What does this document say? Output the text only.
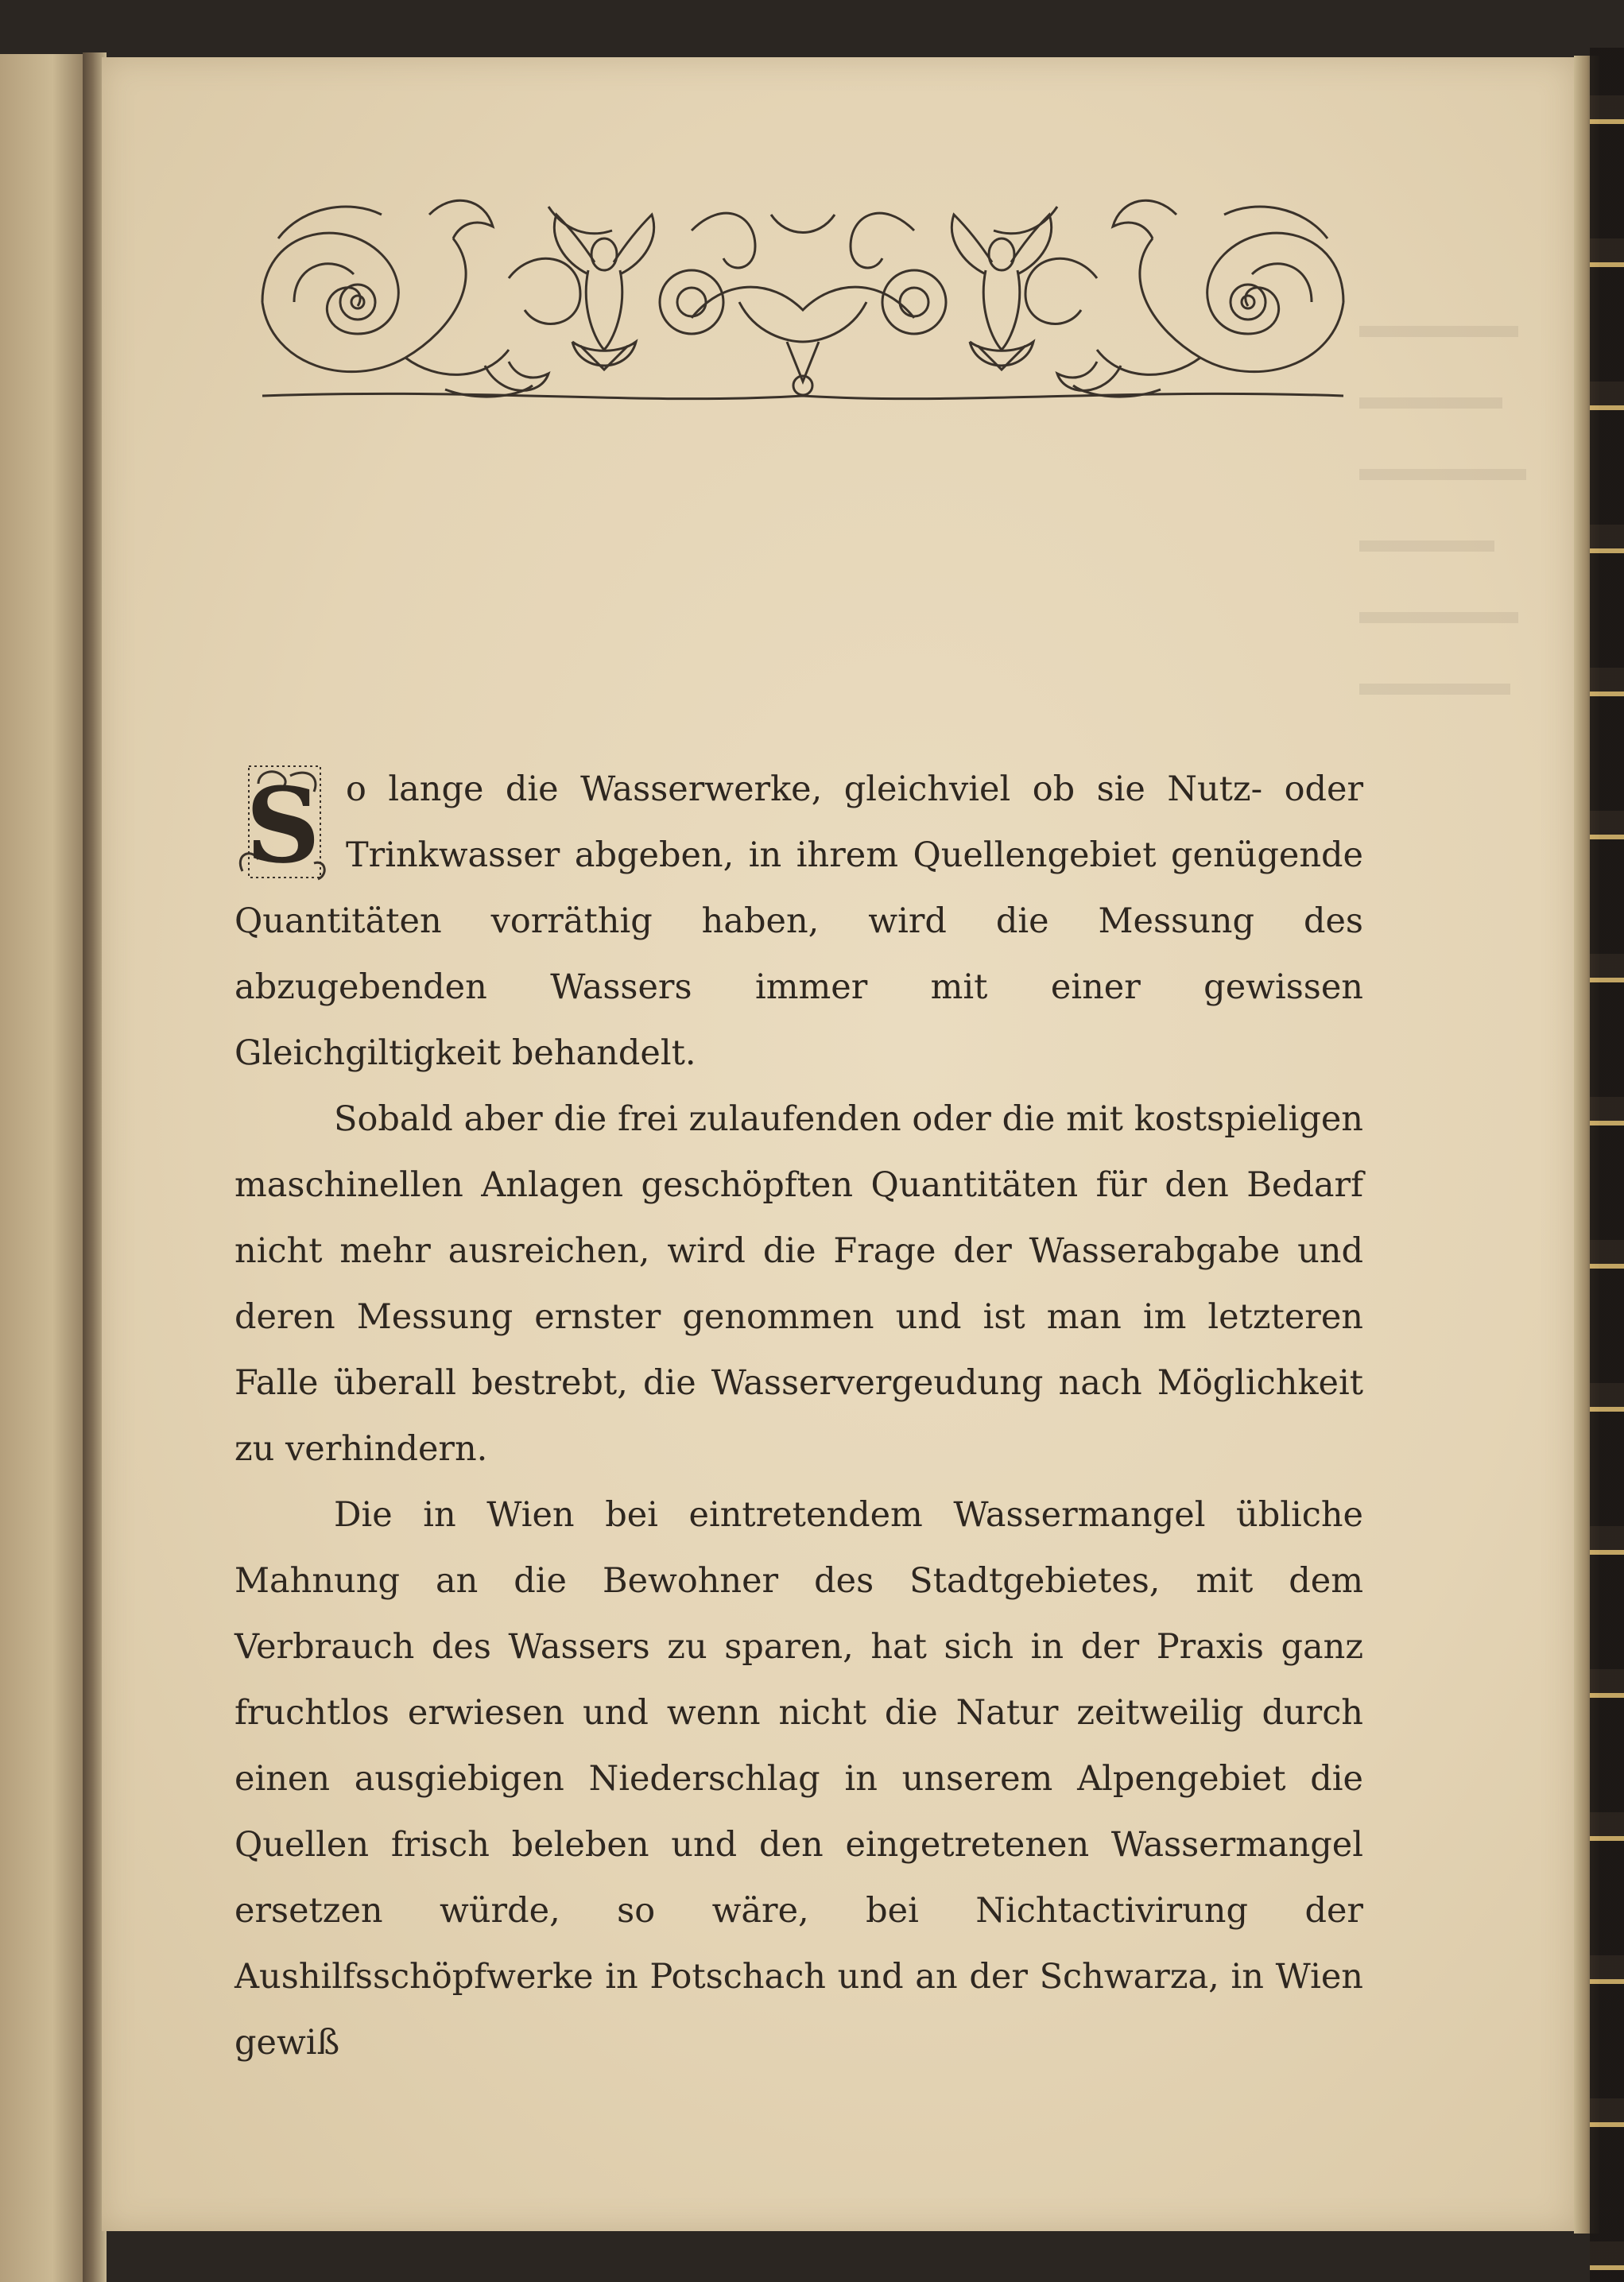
S o lange die Wasserwerke, gleichviel ob sie Nutz- oder Trinkwasser abgeben, in ihrem Quellengebiet genügende Quantitäten vorräthig haben, wird die Messung des abzugebenden Wassers immer mit einer gewissen Gleichgiltigkeit behandelt.

Sobald aber die frei zulaufenden oder die mit kostspieligen maschinellen Anlagen geschöpften Quantitäten für den Bedarf nicht mehr ausreichen, wird die Frage der Wasserabgabe und deren Messung ernster genommen und ist man im letzteren Falle überall bestrebt, die Wasservergeudung nach Möglichkeit zu verhindern.

Die in Wien bei eintretendem Wassermangel übliche Mahnung an die Bewohner des Stadtgebietes, mit dem Verbrauch des Wassers zu sparen, hat sich in der Praxis ganz fruchtlos erwiesen und wenn nicht die Natur zeitweilig durch einen ausgiebigen Niederschlag in unserem Alpengebiet die Quellen frisch beleben und den eingetretenen Wassermangel ersetzen würde, so wäre, bei Nichtactivirung der Aushilfsschöpfwerke in Potschach und an der Schwarza, in Wien gewiß
